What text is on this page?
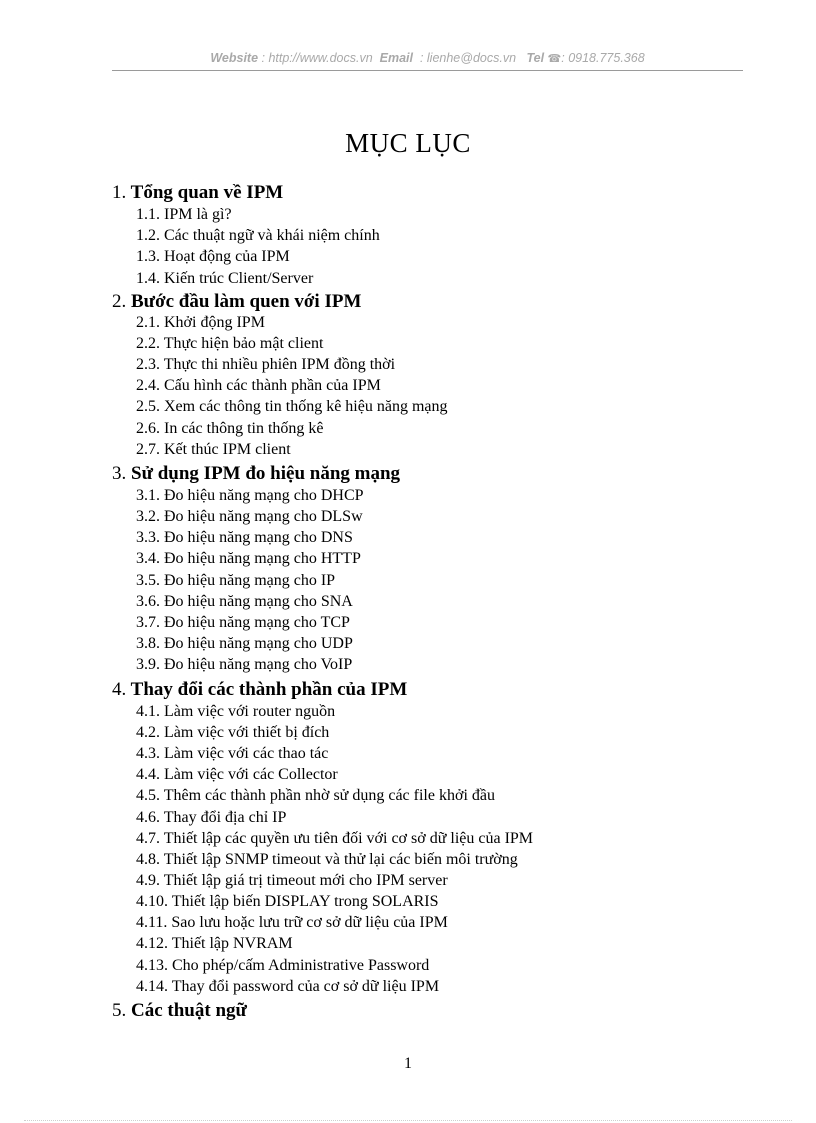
Website : http://www.docs.vn Email : lienhe@docs.vn Tel ☎: 0918.775.368
MỤC LỤC
1. Tổng quan về IPM
1.1. IPM là gì?
1.2. Các thuật ngữ và khái niệm chính
1.3. Hoạt động của IPM
1.4. Kiến trúc Client/Server
2. Bước đầu làm quen với IPM
2.1. Khởi động IPM
2.2. Thực hiện bảo mật client
2.3. Thực thi nhiều phiên IPM đồng thời
2.4. Cấu hình các thành phần của IPM
2.5. Xem các thông tin thống kê hiệu năng mạng
2.6. In các thông tin thống kê
2.7. Kết thúc IPM client
3. Sử dụng IPM đo hiệu năng mạng
3.1. Đo hiệu năng mạng cho DHCP
3.2. Đo hiệu năng mạng cho DLSw
3.3. Đo hiệu năng mạng cho DNS
3.4. Đo hiệu năng mạng cho HTTP
3.5. Đo hiệu năng mạng cho IP
3.6. Đo hiệu năng mạng cho SNA
3.7. Đo hiệu năng mạng cho TCP
3.8. Đo hiệu năng mạng cho UDP
3.9. Đo hiệu năng mạng cho VoIP
4. Thay đổi các thành phần của IPM
4.1. Làm việc với router nguồn
4.2. Làm việc với thiết bị đích
4.3. Làm việc với các thao tác
4.4. Làm việc với các Collector
4.5. Thêm các thành phần nhờ sử dụng các file khởi đầu
4.6. Thay đổi địa chỉ IP
4.7. Thiết lập các quyền ưu tiên đối với cơ sở dữ liệu của IPM
4.8. Thiết lập SNMP timeout và thử lại các biến môi trường
4.9. Thiết lập giá trị timeout mới cho IPM server
4.10. Thiết lập biến DISPLAY trong SOLARIS
4.11. Sao lưu hoặc lưu trữ cơ sở dữ liệu của IPM
4.12. Thiết lập NVRAM
4.13. Cho phép/cấm Administrative Password
4.14. Thay đổi password của cơ sở dữ liệu IPM
5. Các thuật ngữ
1
